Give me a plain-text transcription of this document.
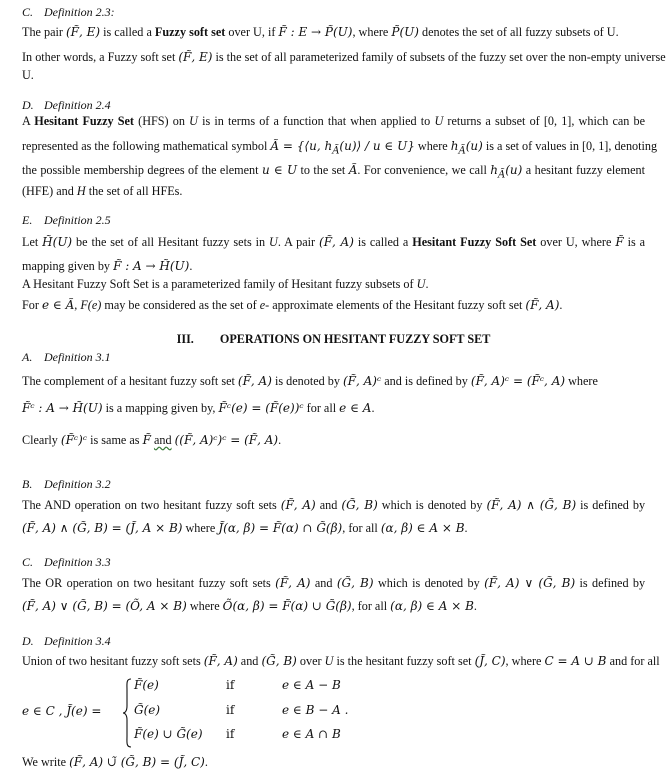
C. Definition 2.3:
The pair (F̃, E) is called a Fuzzy soft set over U, if F̃ : E → P̃(U), where P̃(U) denotes the set of all fuzzy subsets of U.
In other words, a Fuzzy soft set (F̃, E) is the set of all parameterized family of subsets of the fuzzy set over the non-empty universe
U.
D. Definition 2.4
A Hesitant Fuzzy Set (HFS) on U is in terms of a function that when applied to U returns a subset of [0, 1], which can be
represented as the following mathematical symbol Ã = {⟨u, $h_{Ã}(u)⟩$ / u ∈ U} where $h_{Ã}(u)$ is a set of values in [0, 1], denoting
the possible membership degrees of the element u ∈ U to the set Ã. For convenience, we call $h_{Ã}(u)$ a hesitant fuzzy element
(HFE) and H the set of all HFEs.
E. Definition 2.5
Let H̃(U) be the set of all Hesitant fuzzy sets in U. A pair (F̃, A) is called a Hesitant Fuzzy Soft Set over U, where F̃ is a
mapping given by F̃ : A → H̃(U).
A Hesitant Fuzzy Soft Set is a parameterized family of Hesitant fuzzy subsets of U.
For e ∈ Ã, F(e) may be considered as the set of e- approximate elements of the Hesitant fuzzy soft set (F̃, A).
III. OPERATIONS ON HESITANT FUZZY SOFT SET
A. Definition 3.1
The complement of a hesitant fuzzy soft set (F̃, A) is denoted by (F̃, A)ᶜ and is defined by (F̃, A)ᶜ = (F̃ᶜ, A) where
F̃ᶜ : A → H̃(U) is a mapping given by, F̃ᶜ(e) = (F̃(e))ᶜ for all e ∈ A.
Clearly (F̃ᶜ)ᶜ is same as F̃ and ((F̃, A)ᶜ)ᶜ = (F̃, A).
B. Definition 3.2
The AND operation on two hesitant fuzzy soft sets (F̃, A) and (G̃, B) which is denoted by (F̃, A) ∧ (G̃, B) is defined by
(F̃, A) ∧ (G̃, B) = (J̃, A × B) where J̃(α, β) = F̃(α) ∩ G̃(β), for all (α, β) ∈ A × B.
C. Definition 3.3
The OR operation on two hesitant fuzzy soft sets (F̃, A) and (G̃, B) which is denoted by (F̃, A) ∨ (G̃, B) is defined by
(F̃, A) ∨ (G̃, B) = (Õ, A × B) where Õ(α, β) = F̃(α) ∪ G̃(β), for all (α, β) ∈ A × B.
D. Definition 3.4
Union of two hesitant fuzzy soft sets (F̃, A) and (G̃, B) over U is the hesitant fuzzy soft set (J̃, C), where C = A ∪ B and for all
e ∈ C , J̃(e) =
F̃(e)	if	e ∈ A − B
G̃(e)	if	e ∈ B − A .
F̃(e) ∪ G̃(e) if	e ∈ A ∩ B
We write (F̃, A) ∪̃ (G̃, B) = (J̃, C).
